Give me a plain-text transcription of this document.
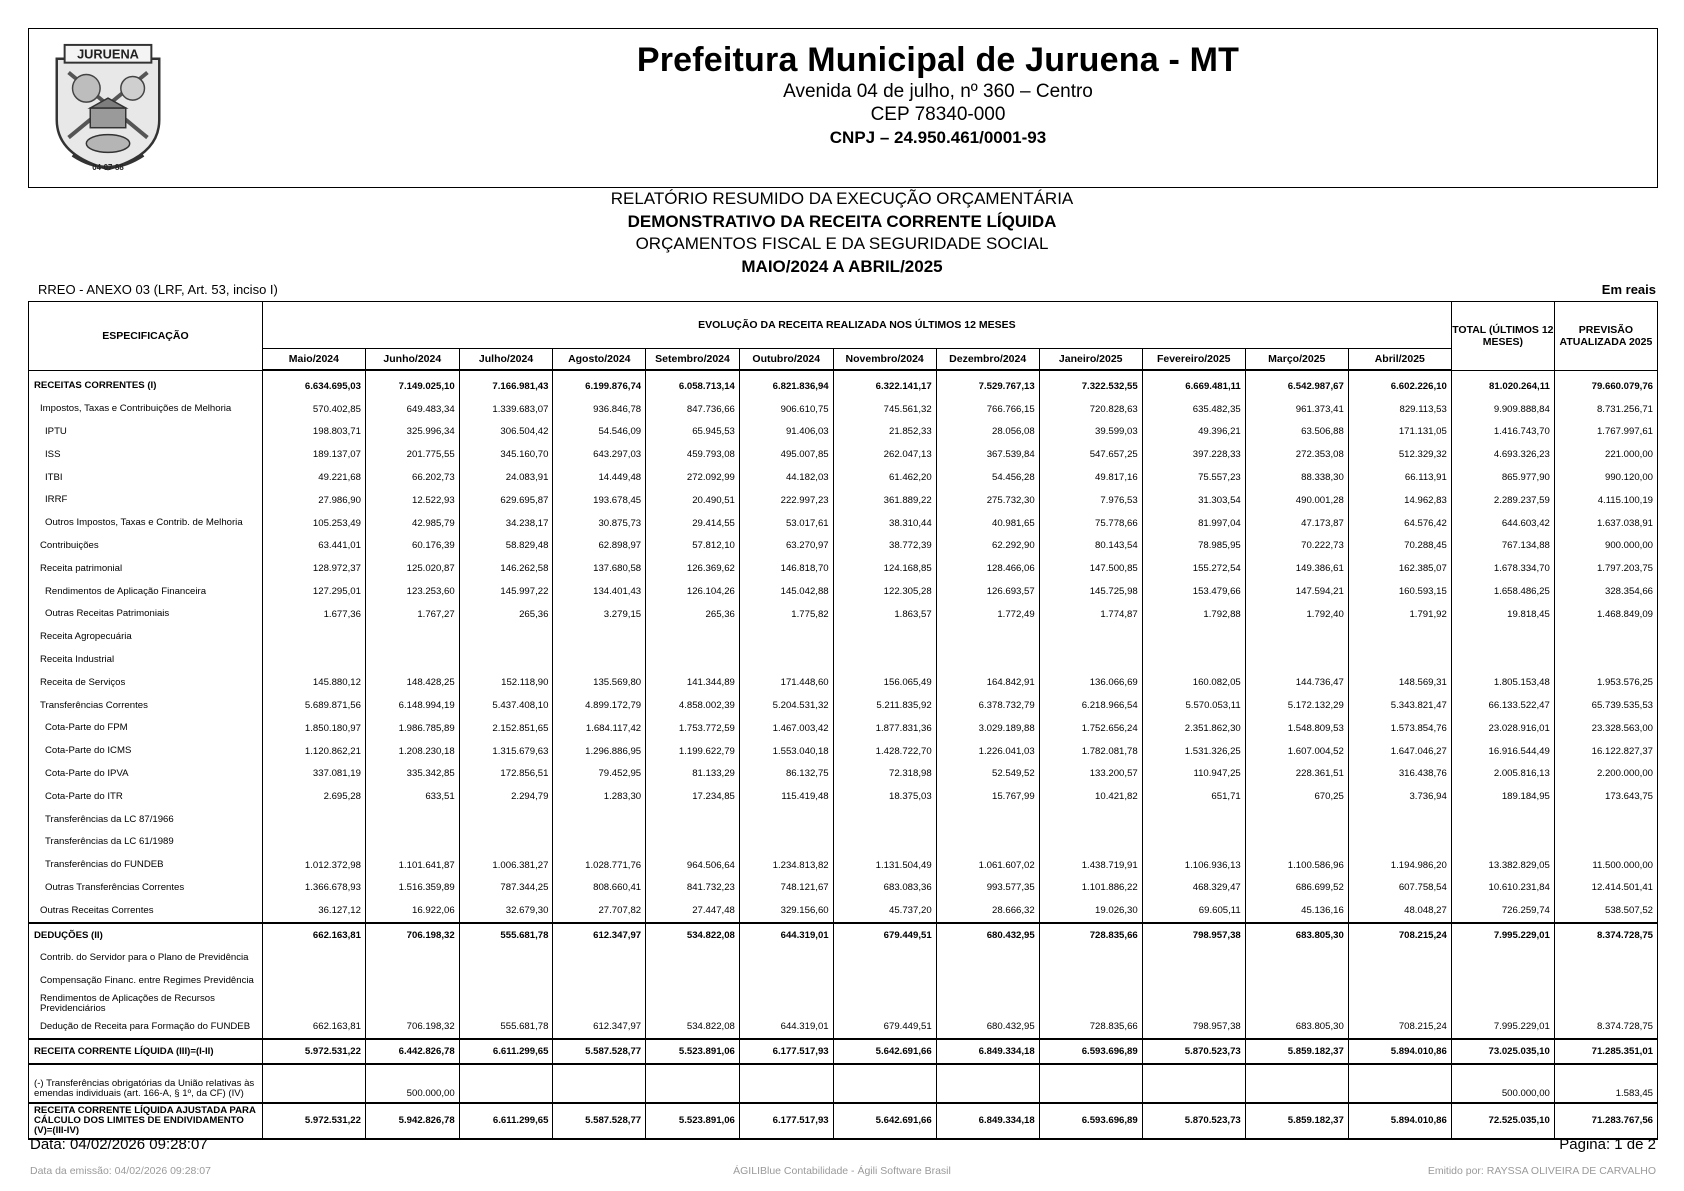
JURUENA
04-07-88
Prefeitura Municipal de Juruena - MT
Avenida 04 de julho, nº 360 – Centro
CEP 78340-000
CNPJ – 24.950.461/0001-93
RELATÓRIO RESUMIDO DA EXECUÇÃO ORÇAMENTÁRIA
DEMONSTRATIVO DA RECEITA CORRENTE LÍQUIDA
ORÇAMENTOS FISCAL E DA SEGURIDADE SOCIAL
MAIO/2024 A ABRIL/2025
RREO - ANEXO 03 (LRF, Art. 53, inciso I)	Em reais
ESPECIFICAÇÃO	EVOLUÇÃO DA RECEITA REALIZADA NOS ÚLTIMOS 12 MESES												TOTAL (ÚLTIMOS 12 MESES)	PREVISÃO ATUALIZADA 2025
	Maio/2024	Junho/2024	Julho/2024	Agosto/2024	Setembro/2024	Outubro/2024	Novembro/2024	Dezembro/2024	Janeiro/2025	Fevereiro/2025	Março/2025	Abril/2025		
RECEITAS CORRENTES (I)	6.634.695,03	7.149.025,10	7.166.981,43	6.199.876,74	6.058.713,14	6.821.836,94	6.322.141,17	7.529.767,13	7.322.532,55	6.669.481,11	6.542.987,67	6.602.226,10	81.020.264,11	79.660.079,76
Impostos, Taxas e Contribuições de Melhoria	570.402,85	649.483,34	1.339.683,07	936.846,78	847.736,66	906.610,75	745.561,32	766.766,15	720.828,63	635.482,35	961.373,41	829.113,53	9.909.888,84	8.731.256,71
IPTU	198.803,71	325.996,34	306.504,42	54.546,09	65.945,53	91.406,03	21.852,33	28.056,08	39.599,03	49.396,21	63.506,88	171.131,05	1.416.743,70	1.767.997,61
ISS	189.137,07	201.775,55	345.160,70	643.297,03	459.793,08	495.007,85	262.047,13	367.539,84	547.657,25	397.228,33	272.353,08	512.329,32	4.693.326,23	221.000,00
ITBI	49.221,68	66.202,73	24.083,91	14.449,48	272.092,99	44.182,03	61.462,20	54.456,28	49.817,16	75.557,23	88.338,30	66.113,91	865.977,90	990.120,00
IRRF	27.986,90	12.522,93	629.695,87	193.678,45	20.490,51	222.997,23	361.889,22	275.732,30	7.976,53	31.303,54	490.001,28	14.962,83	2.289.237,59	4.115.100,19
Outros Impostos, Taxas e Contrib. de Melhoria	105.253,49	42.985,79	34.238,17	30.875,73	29.414,55	53.017,61	38.310,44	40.981,65	75.778,66	81.997,04	47.173,87	64.576,42	644.603,42	1.637.038,91
Contribuições	63.441,01	60.176,39	58.829,48	62.898,97	57.812,10	63.270,97	38.772,39	62.292,90	80.143,54	78.985,95	70.222,73	70.288,45	767.134,88	900.000,00
Receita patrimonial	128.972,37	125.020,87	146.262,58	137.680,58	126.369,62	146.818,70	124.168,85	128.466,06	147.500,85	155.272,54	149.386,61	162.385,07	1.678.334,70	1.797.203,75
Rendimentos de Aplicação Financeira	127.295,01	123.253,60	145.997,22	134.401,43	126.104,26	145.042,88	122.305,28	126.693,57	145.725,98	153.479,66	147.594,21	160.593,15	1.658.486,25	328.354,66
Outras Receitas Patrimoniais	1.677,36	1.767,27	265,36	3.279,15	265,36	1.775,82	1.863,57	1.772,49	1.774,87	1.792,88	1.792,40	1.791,92	19.818,45	1.468.849,09
Receita Agropecuária														
Receita Industrial														
Receita de Serviços	145.880,12	148.428,25	152.118,90	135.569,80	141.344,89	171.448,60	156.065,49	164.842,91	136.066,69	160.082,05	144.736,47	148.569,31	1.805.153,48	1.953.576,25
Transferências Correntes	5.689.871,56	6.148.994,19	5.437.408,10	4.899.172,79	4.858.002,39	5.204.531,32	5.211.835,92	6.378.732,79	6.218.966,54	5.570.053,11	5.172.132,29	5.343.821,47	66.133.522,47	65.739.535,53
Cota-Parte do FPM	1.850.180,97	1.986.785,89	2.152.851,65	1.684.117,42	1.753.772,59	1.467.003,42	1.877.831,36	3.029.189,88	1.752.656,24	2.351.862,30	1.548.809,53	1.573.854,76	23.028.916,01	23.328.563,00
Cota-Parte do ICMS	1.120.862,21	1.208.230,18	1.315.679,63	1.296.886,95	1.199.622,79	1.553.040,18	1.428.722,70	1.226.041,03	1.782.081,78	1.531.326,25	1.607.004,52	1.647.046,27	16.916.544,49	16.122.827,37
Cota-Parte do IPVA	337.081,19	335.342,85	172.856,51	79.452,95	81.133,29	86.132,75	72.318,98	52.549,52	133.200,57	110.947,25	228.361,51	316.438,76	2.005.816,13	2.200.000,00
Cota-Parte do ITR	2.695,28	633,51	2.294,79	1.283,30	17.234,85	115.419,48	18.375,03	15.767,99	10.421,82	651,71	670,25	3.736,94	189.184,95	173.643,75
Transferências da LC 87/1966														
Transferências da LC 61/1989														
Transferências do FUNDEB	1.012.372,98	1.101.641,87	1.006.381,27	1.028.771,76	964.506,64	1.234.813,82	1.131.504,49	1.061.607,02	1.438.719,91	1.106.936,13	1.100.586,96	1.194.986,20	13.382.829,05	11.500.000,00
Outras Transferências Correntes	1.366.678,93	1.516.359,89	787.344,25	808.660,41	841.732,23	748.121,67	683.083,36	993.577,35	1.101.886,22	468.329,47	686.699,52	607.758,54	10.610.231,84	12.414.501,41
Outras Receitas Correntes	36.127,12	16.922,06	32.679,30	27.707,82	27.447,48	329.156,60	45.737,20	28.666,32	19.026,30	69.605,11	45.136,16	48.048,27	726.259,74	538.507,52
DEDUÇÕES (II)	662.163,81	706.198,32	555.681,78	612.347,97	534.822,08	644.319,01	679.449,51	680.432,95	728.835,66	798.957,38	683.805,30	708.215,24	7.995.229,01	8.374.728,75
Contrib. do Servidor para o Plano de Previdência														
Compensação Financ. entre Regimes Previdência														
Rendimentos de Aplicações de Recursos Previdenciários														
Dedução de Receita para Formação do FUNDEB	662.163,81	706.198,32	555.681,78	612.347,97	534.822,08	644.319,01	679.449,51	680.432,95	728.835,66	798.957,38	683.805,30	708.215,24	7.995.229,01	8.374.728,75
RECEITA CORRENTE LÍQUIDA (III)=(I-II)	5.972.531,22	6.442.826,78	6.611.299,65	5.587.528,77	5.523.891,06	6.177.517,93	5.642.691,66	6.849.334,18	6.593.696,89	5.870.523,73	5.859.182,37	5.894.010,86	73.025.035,10	71.285.351,01
(-) Transferências obrigatórias da União relativas às emendas individuais (art. 166-A, § 1º, da CF) (IV)		500.000,00											500.000,00	1.583,45
RECEITA CORRENTE LÍQUIDA AJUSTADA PARA CÁLCULO DOS LIMITES DE ENDIVIDAMENTO (V)=(III-IV)	5.972.531,22	5.942.826,78	6.611.299,65	5.587.528,77	5.523.891,06	6.177.517,93	5.642.691,66	6.849.334,18	6.593.696,89	5.870.523,73	5.859.182,37	5.894.010,86	72.525.035,10	71.283.767,56
Data: 04/02/2026 09:28:07	Página: 1 de 2
Data da emissão: 04/02/2026 09:28:07	ÁGILIBlue Contabilidade - Ágili Software Brasil	Emitido por: RAYSSA OLIVEIRA DE CARVALHO
